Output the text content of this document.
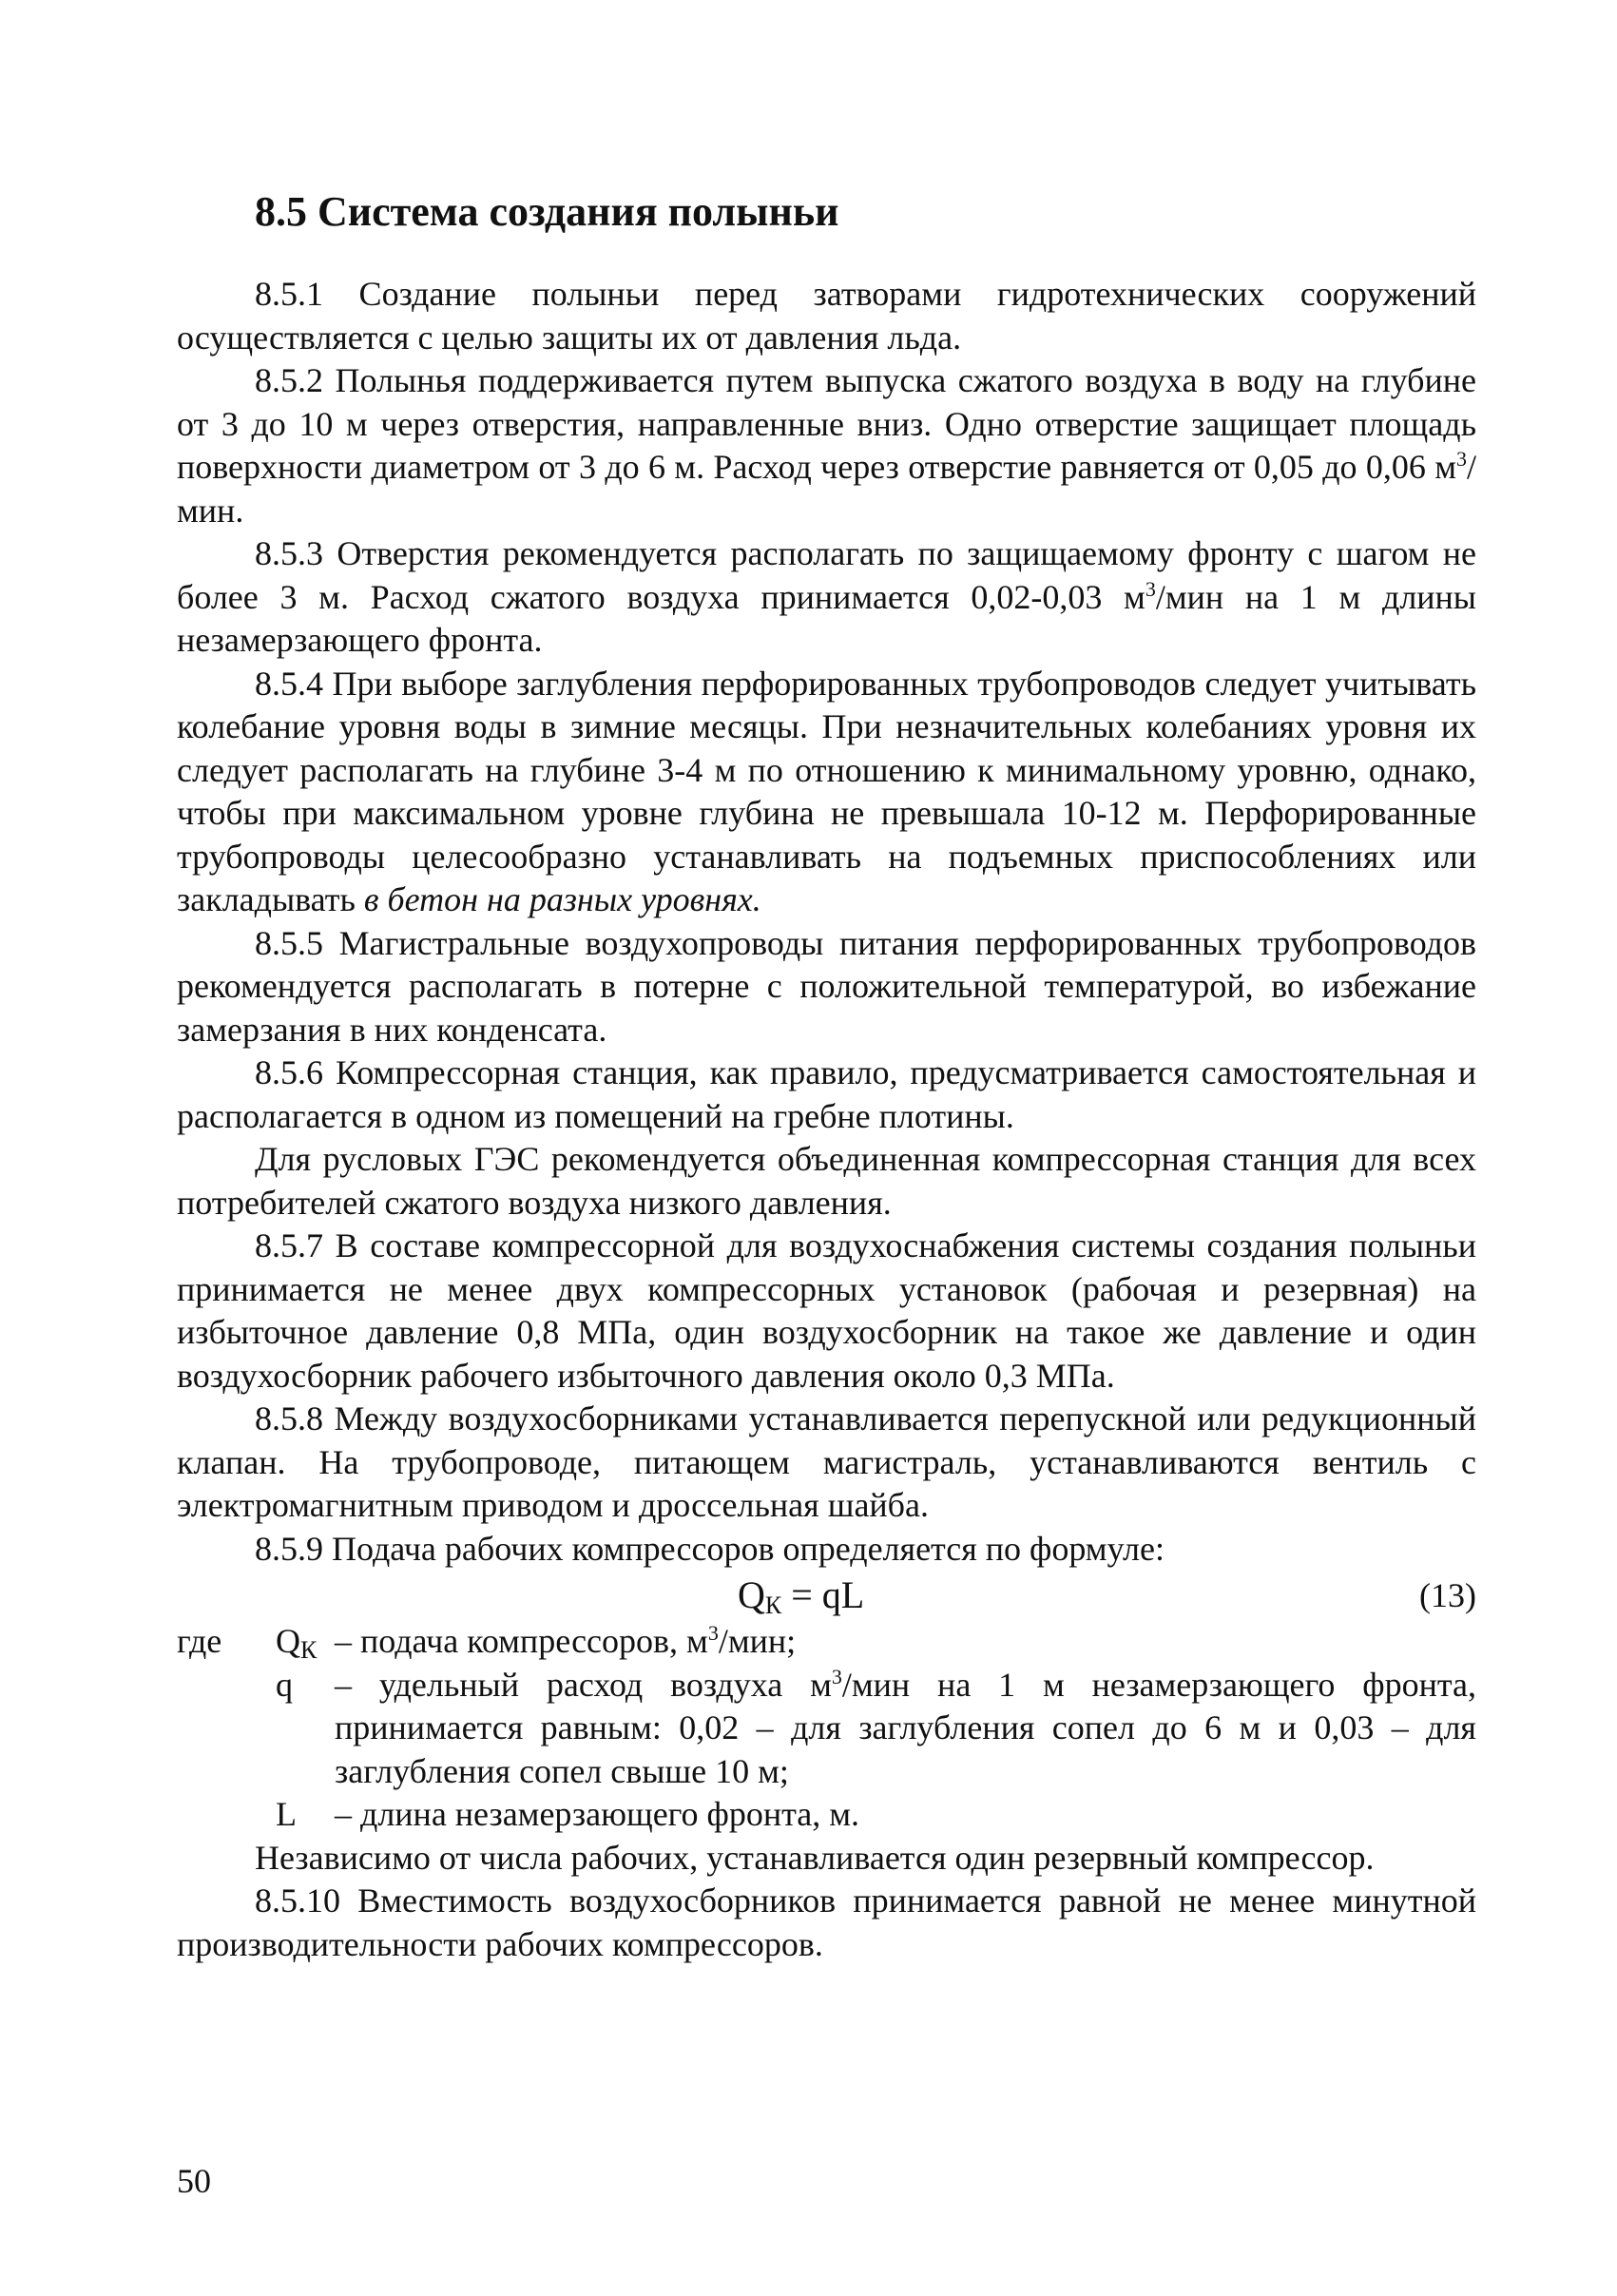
8.5 Система создания полыньи

8.5.1 Создание полыньи перед затворами гидротехнических сооружений осуществляется с целью защиты их от давления льда.

8.5.2 Полынья поддерживается путем выпуска сжатого воздуха в воду на глубине от 3 до 10 м через отверстия, направленные вниз. Одно отверстие защищает площадь поверхности диаметром от 3 до 6 м. Расход через отверстие равняется от 0,05 до 0,06 $м^3$/мин.

8.5.3 Отверстия рекомендуется располагать по защищаемому фронту с шагом не более 3 м. Расход сжатого воздуха принимается 0,02-0,03 $м^3$/мин на 1 м длины незамерзающего фронта.

8.5.4 При выборе заглубления перфорированных трубопроводов следует учитывать колебание уровня воды в зимние месяцы. При незначительных колебаниях уровня их следует располагать на глубине 3-4 м по отношению к минимальному уровню, однако, чтобы при максимальном уровне глубина не превышала 10-12 м. Перфорированные трубопроводы целесообразно устанавливать на подъемных приспособлениях или закладывать в бетон на разных уровнях.

8.5.5 Магистральные воздухопроводы питания перфорированных трубопроводов рекомендуется располагать в потерне с положительной температурой, во избежание замерзания в них конденсата.

8.5.6 Компрессорная станция, как правило, предусматривается самостоятельная и располагается в одном из помещений на гребне плотины.

Для русловых ГЭС рекомендуется объединенная компрессорная станция для всех потребителей сжатого воздуха низкого давления.

8.5.7 В составе компрессорной для воздухоснабжения системы создания полыньи принимается не менее двух компрессорных установок (рабочая и резервная) на избыточное давление 0,8 МПа, один воздухосборник на такое же давление и один воздухосборник рабочего избыточного давления около 0,3 МПа.

8.5.8 Между воздухосборниками устанавливается перепускной или редукционный клапан. На трубопроводе, питающем магистраль, устанавливаются вентиль с электромагнитным приводом и дроссельная шайба.

8.5.9 Подача рабочих компрессоров определяется по формуле:

$Q_К$ = qL	(13)
где $Q_К$ – подача компрессоров, $м^3$/мин;
q	– удельный расход воздуха $м^3$/мин на 1 м незамерзающего фронта, принимается равным: 0,02 – для заглубления сопел до 6 м и 0,03 – для заглубления сопел свыше 10 м;
L – длина незамерзающего фронта, м.

Независимо от числа рабочих, устанавливается один резервный компрессор.

8.5.10 Вместимость воздухосборников принимается равной не менее минутной производительности рабочих компрессоров.

50
